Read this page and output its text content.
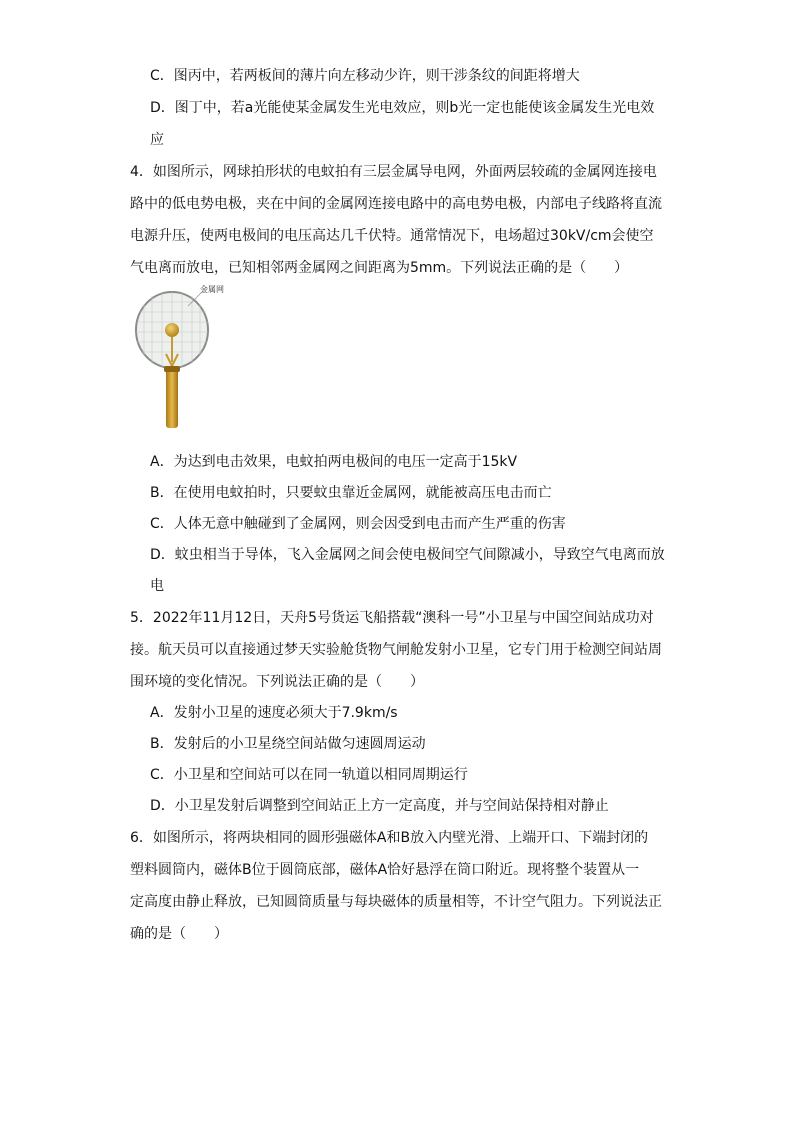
C．图丙中，若两板间的薄片向左移动少许，则干涉条纹的间距将增大
D．图丁中，若a光能使某金属发生光电效应，则b光一定也能使该金属发生光电效
应
4．如图所示，网球拍形状的电蚊拍有三层金属导电网，外面两层较疏的金属网连接电
路中的低电势电极，夹在中间的金属网连接电路中的高电势电极，内部电子线路将直流
电源升压，使两电极间的电压高达几千伏特。通常情况下，电场超过30kV/cm会使空
气电离而放电，已知相邻两金属网之间距离为5mm。下列说法正确的是（　　）
金属网
A．为达到电击效果，电蚊拍两电极间的电压一定高于15kV
B．在使用电蚊拍时，只要蚊虫靠近金属网，就能被高压电击而亡
C．人体无意中触碰到了金属网，则会因受到电击而产生严重的伤害
D．蚊虫相当于导体，飞入金属网之间会使电极间空气间隙减小，导致空气电离而放
电
5．2022年11月12日，天舟5号货运飞船搭载“澳科一号”小卫星与中国空间站成功对
接。航天员可以直接通过梦天实验舱货物气闸舱发射小卫星，它专门用于检测空间站周
围环境的变化情况。下列说法正确的是（　　）
A．发射小卫星的速度必须大于7.9km/s
B．发射后的小卫星绕空间站做匀速圆周运动
C．小卫星和空间站可以在同一轨道以相同周期运行
D．小卫星发射后调整到空间站正上方一定高度，并与空间站保持相对静止
6．如图所示，将两块相同的圆形强磁体A和B放入内壁光滑、上端开口、下端封闭的
塑料圆筒内，磁体B位于圆筒底部，磁体A恰好悬浮在筒口附近。现将整个装置从一
定高度由静止释放，已知圆筒质量与每块磁体的质量相等，不计空气阻力。下列说法正
确的是（　　）
